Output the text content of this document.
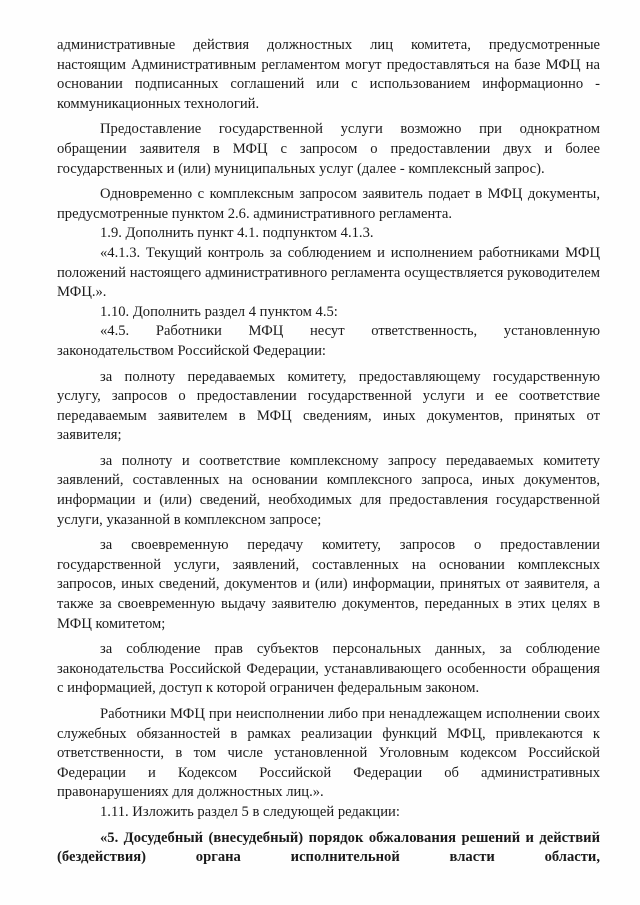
административные действия должностных лиц комитета, предусмотренные настоящим Административным регламентом могут предоставляться на базе МФЦ на основании подписанных соглашений или с использованием информационно - коммуникационных технологий.

Предоставление государственной услуги возможно при однократном обращении заявителя в МФЦ с запросом о предоставлении двух и более государственных и (или) муниципальных услуг (далее - комплексный запрос).

Одновременно с комплексным запросом заявитель подает в МФЦ документы, предусмотренные пунктом 2.6. административного регламента.

1.9. Дополнить пункт 4.1. подпунктом 4.1.3.

«4.1.3. Текущий контроль за соблюдением и исполнением работниками МФЦ положений настоящего административного регламента осуществляется руководителем МФЦ.».

1.10. Дополнить раздел 4 пунктом 4.5:

«4.5. Работники МФЦ несут ответственность, установленную законодательством Российской Федерации:

за полноту передаваемых комитету, предоставляющему государственную услугу, запросов о предоставлении государственной услуги и ее соответствие передаваемым заявителем в МФЦ сведениям, иных документов, принятых от заявителя;

за полноту и соответствие комплексному запросу передаваемых комитету заявлений, составленных на основании комплексного запроса, иных документов, информации и (или) сведений, необходимых для предоставления государственной услуги, указанной в комплексном запросе;

за своевременную передачу комитету, запросов о предоставлении государственной услуги, заявлений, составленных на основании комплексных запросов, иных сведений, документов и (или) информации, принятых от заявителя, а также за своевременную выдачу заявителю документов, переданных в этих целях в МФЦ комитетом;

за соблюдение прав субъектов персональных данных, за соблюдение законодательства Российской Федерации, устанавливающего особенности обращения с информацией, доступ к которой ограничен федеральным законом.

Работники МФЦ при неисполнении либо при ненадлежащем исполнении своих служебных обязанностей в рамках реализации функций МФЦ, привлекаются к ответственности, в том числе установленной Уголовным кодексом Российской Федерации и Кодексом Российской Федерации об административных правонарушениях для должностных лиц.».

1.11. Изложить раздел 5 в следующей редакции:

«5. Досудебный (внесудебный) порядок обжалования решений и действий (бездействия) органа исполнительной власти области,
